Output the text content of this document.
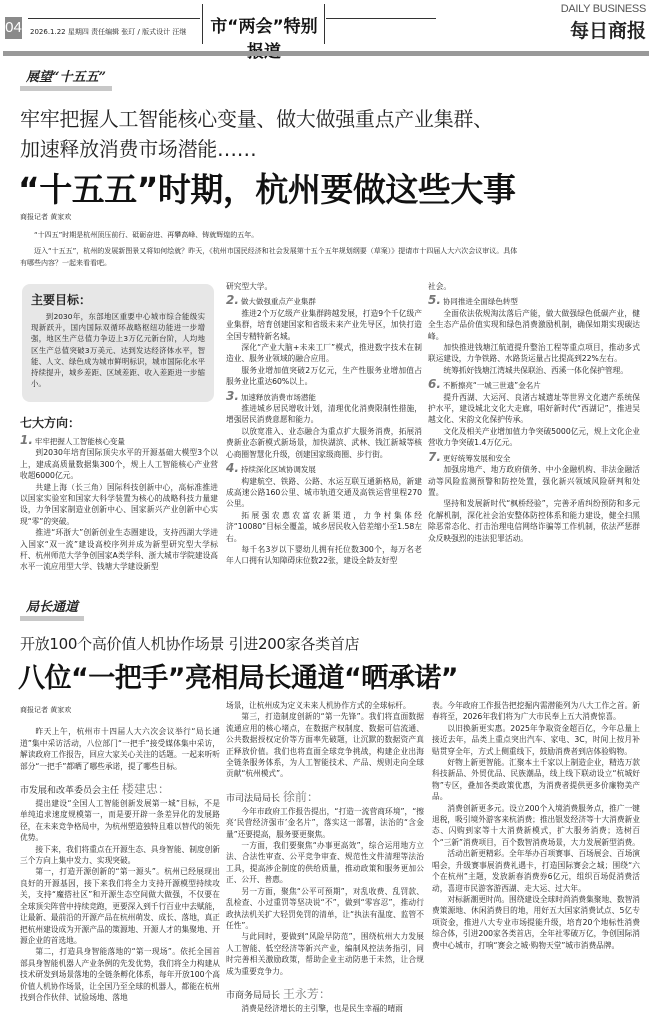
04 2026.1.22 星期四 责任编辑 张玎 / 版式设计 汪继	市“两会”特别
DAILY BUSINESS
每日商报
展望“十五五”
牢牢把握人工智能核心变量、做大做强重点产业集群、
加速释放消费市场潜能……
“十五五”时期，杭州要做这些大事
商报记者 黄家欢
“十四五”时期是杭州顶压前行、砥砺奋进、再攀高峰、铸就辉煌的五年。
迈入“十五五”，杭州的发展新图景又将如何绘就？昨天，《杭州市国民经济和社会发展第十五个五年规划纲要（草案）》提请市十四届人大六次会议审议。具体有哪些内容？一起来看看吧。
主要目标：
到2030年，东部地区重要中心城市综合能级实现新跃升，国内国际双循环战略枢纽功能进一步增强，地区生产总值力争迈上3万亿元新台阶，人均地区生产总值突破3万美元、达到发达经济体水平，智能、人文、绿色成为城市鲜明标识，城市国际化水平持续提升，城乡差距、区域差距、收入差距进一步缩小。
七大方向：
1. 牢牢把握人工智能核心变量

到2030年培育国际顶尖水平的开源基础大模型3个以上，建成高质量数据集300个，规上人工智能核心产业营收超6000亿元。

共建上海（长三角）国际科技创新中心，高标准推进以国家实验室和国家大科学装置为核心的战略科技力量建设，力争国家制造业创新中心、国家新兴产业创新中心实现“零”的突破。

推进“环浙大”创新创业生态圈建设，支持西湖大学进入国家“双一流”建设高校序列并成为新型研究型大学标杆、杭州师范大学争创国家A类学科、浙大城市学院建设高水平一流应用型大学、钱塘大学建设新型

研究型大学。

2. 做大做强重点产业集群

推进2个万亿级产业集群跨越发展，打造9个千亿级产业集群，培育创建国家和省级未来产业先导区，加快打造全国专精特新名城。

深化“产业大脑+未来工厂”模式，推进数字技术在制造业、服务业领域的融合应用。

服务业增加值突破2万亿元，生产性服务业增加值占服务业比重达60%以上。

3. 加速释放消费市场潜能

推进城乡居民增收计划，清理优化消费限制性措施，增强居民消费意愿和能力。

以放宽准入、业态融合为重点扩大服务消费，拓展消费新业态新模式新场景，加快湖滨、武林、钱江新城等核心商圈智慧化升级，创建国家级商圈、步行街。

4. 持续深化区域协调发展

构建航空、铁路、公路、水运互联互通新格局，新建成高速公路160公里、城市轨道交通及高铁运营里程270公里。

拓展强农惠农富农新渠道，力争村集体经济“10080”目标全覆盖，城乡居民收入倍差缩小至1.58左右。

每千名3岁以下婴幼儿拥有托位数300个，每万名老年人口拥有认知障碍床位数22张，建设全龄友好型

社会。

5. 协同推进全面绿色转型

全面依法依规淘汰落后产能，做大做强绿色低碳产业，健全生态产品价值实现和绿色消费激励机制，确保如期实现碳达峰。

加快推进钱塘江航道提升整治工程等重点项目，推动多式联运建设，力争铁路、水路货运量占比提高到22%左右。

统筹抓好钱塘江湾城共保联治、西溪一体化保护管理。

6. 不断擦亮“一城三世遗”金名片

提升西湖、大运河、良渚古城遗址等世界文化遗产系统保护水平，建设城北文化大走廊，唱好新时代“西湖记”，推进吴越文化、宋韵文化保护传承。

文化及相关产业增加值力争突破5000亿元，规上文化企业营收力争突破1.4万亿元。

7. 更好统筹发展和安全

加强房地产、地方政府债务、中小金融机构、非法金融活动等风险监测预警和防控处置，强化新兴领域风险研判和处置。

坚持和发展新时代“枫桥经验”，完善矛盾纠纷预防和多元化解机制，深化社会治安整体防控体系和能力建设，健全扫黑除恶常态化、打击治理电信网络诈骗等工作机制，依法严惩群众反映强烈的违法犯罪活动。

局长通道
开放100个高价值人机协作场景 引进200家各类首店
八位“一把手”亮相局长通道“晒承诺”
商报记者 黄家欢

昨天上午，杭州市十四届人大六次会议举行“局长通道”集中采访活动，八位部门“一把手”接受媒体集中采访，解读政府工作报告，回应大家关心关注的话题。一起来听听部分“一把手”都晒了哪些承诺，提了哪些目标。

市发展和改革委员会主任 楼建忠：

提出建设“全国人工智能创新发展第一城”目标，不是单纯追求速度规模第一，而是要开辟一条差异化的发展路径，在未来竞争格局中，为杭州塑造独特且难以替代的领先优势。

接下来，我们将重点在开源生态、具身智能、制度创新三个方向上集中发力、实现突破。

第一，打造开源创新的“第一源头”。杭州已经展现出良好的开源基因，接下来我们将全力支持开源模型持续攻关，支持“魔搭社区”和开源生态空间做大做强，不仅要在全球顶尖阵营中持续竞跑，更要深入到千行百业中去赋能，让最新、最前沿的开源产品在杭州萌发、成长、落地，真正把杭州建设成为开源产品的策源地、开源人才的集聚地、开源企业的首选地。

第二，打造具身智能落地的“第一现场”。依托全国首部具身智能机器人产业条例的先发优势，我们将全力构建从技术研发到场景落地的全链条孵化体系，每年开放100个高价值人机协作场景，让全国乃至全球的机器人，都能在杭州找到合作伙伴、试验场地、落地

场景，让杭州成为定义未来人机协作方式的全球标杆。

第三，打造制度创新的“第一先锋”。我们将直面数据流通应用的核心堵点，在数据产权制度、数据可信流通、公共数据授权定价等方面率先破题，让沉默的数据资产真正释放价值。我们也将直面全球竞争挑战，构建企业出海全链条服务体系，为人工智能技术、产品、规则走向全球贡献“杭州模式”。

市司法局局长 徐前：

今年市政府工作报告提出，“打造一流营商环境”，“擦亮‘民营经济强市’金名片”，落实这一部署，法治的“含金量”还要提高，服务要更聚焦。

一方面，我们要聚焦“办事更高效”，综合运用地方立法、合法性审查、公平竞争审查、规范性文件清理等法治工具，提高涉企制度的供给质量，推动政策和服务更加公正、公开、普惠。

另一方面，聚焦“公平可预期”，对乱收费、乱罚款、乱检查、小过重罚等坚决说“不”，做到“零容忍”，推动行政执法机关扩大轻罚免罚的清单，让“执法有温度、监管不任性”。

与此同时，要做到“风险早防范”，围绕杭州大力发展人工智能、低空经济等新兴产业，编制风控法务指引，同时完善相关激励政策，帮助企业主动防患于未然，让合规成为重要竞争力。

市商务局局长 王永芳：

消费是经济增长的主引擎，也是民生幸福的晴雨

表。今年政府工作报告把挖掘内需潜能列为八大工作之首。新春将至，2026年我们将为广大市民奉上五大消费惊喜。

以旧换新更实惠。2025年争取资金超百亿，今年总量上接近去年，品类上重点突出汽车、家电、3C，时间上按月补贴贯穿全年，方式上侧重线下，鼓励消费者到店体验购物。

好物上新更智能。汇聚本土千家以上制造企业，精选万款科技新品、外贸优品、民族潮品，线上线下联动设立“杭城好物”专区，叠加各类政策优惠，为消费者提供更多价廉物美产品。

消费创新更多元。设立200个入境消费服务点，推广一键退税，吸引境外游客来杭消费；推出银发经济等十大消费新业态、闪购到家等十大消费新模式，扩大服务消费；选树百个“三新”消费项目，百个数智消费场景，大力发展新型消费。

活动出新更精彩。全年举办百项赛事、百场展会、百场演唱会，升级赛事展消费礼遇卡，打造国际赛会之城；围绕“六个在杭州”主题，发放新春消费券6亿元，组织百场促消费活动，喜迎市民游客游西湖、走大运、过大年。

对标新潮更时尚。围绕建设全球时尚消费集聚地、数智消费策源地、休闲消费目的地，用好五大国家消费试点、5亿专项资金，推进八大专业市场提能升级，培育20个地标性消费综合体，引进200家各类首店，全年社零破万亿，争创国际消费中心城市，打响“赛会之城·购物天堂”城市消费品牌。
